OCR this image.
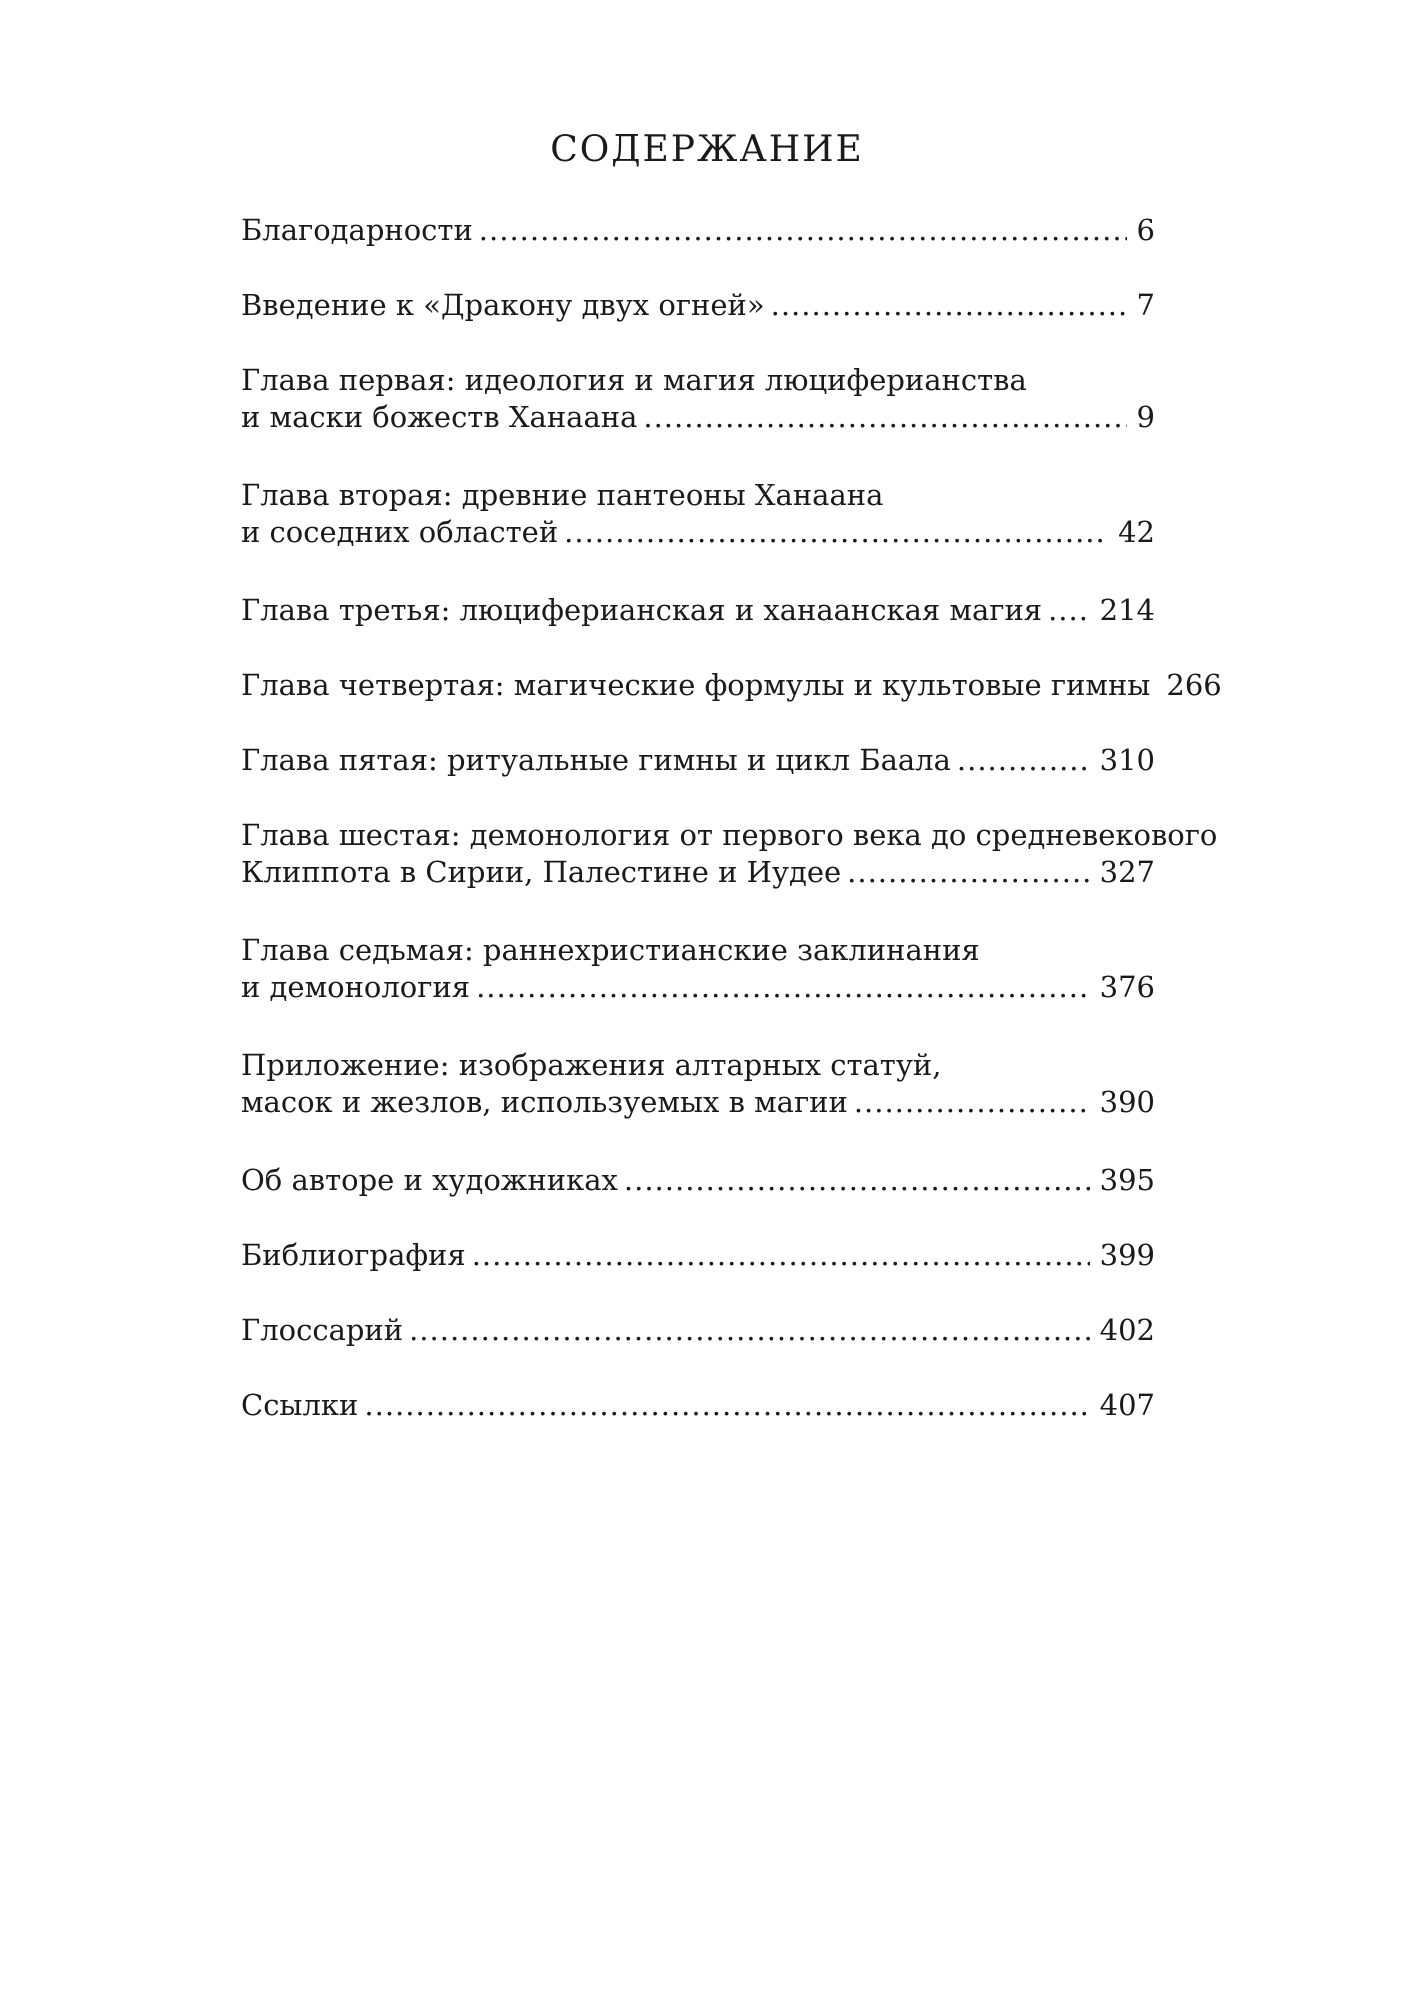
СОДЕРЖАНИЕ
Благодарности .....	6
Введение к «Дракону двух огней» .....	7
Глава первая: идеология и магия люциферианства
и маски божеств Ханаана .....	9
Глава вторая: древние пантеоны Ханаана
и соседних областей .....	42
Глава третья: люциферианская и ханаанская магия ..... 214
Глава четвертая: магические формулы и культовые гимны 266
Глава пятая: ритуальные гимны и цикл Баала .....	310
Глава шестая: демонология от первого века до средневекового
Клиппота в Сирии, Палестине и Иудее .....	327
Глава седьмая: раннехристианские заклинания
и демонология .....	376
Приложение: изображения алтарных статуй,
масок и жезлов, используемых в магии .....	390
Об авторе и художниках .....	395
Библиография .....	399
Глоссарий .....	402
Ссылки .....	407
